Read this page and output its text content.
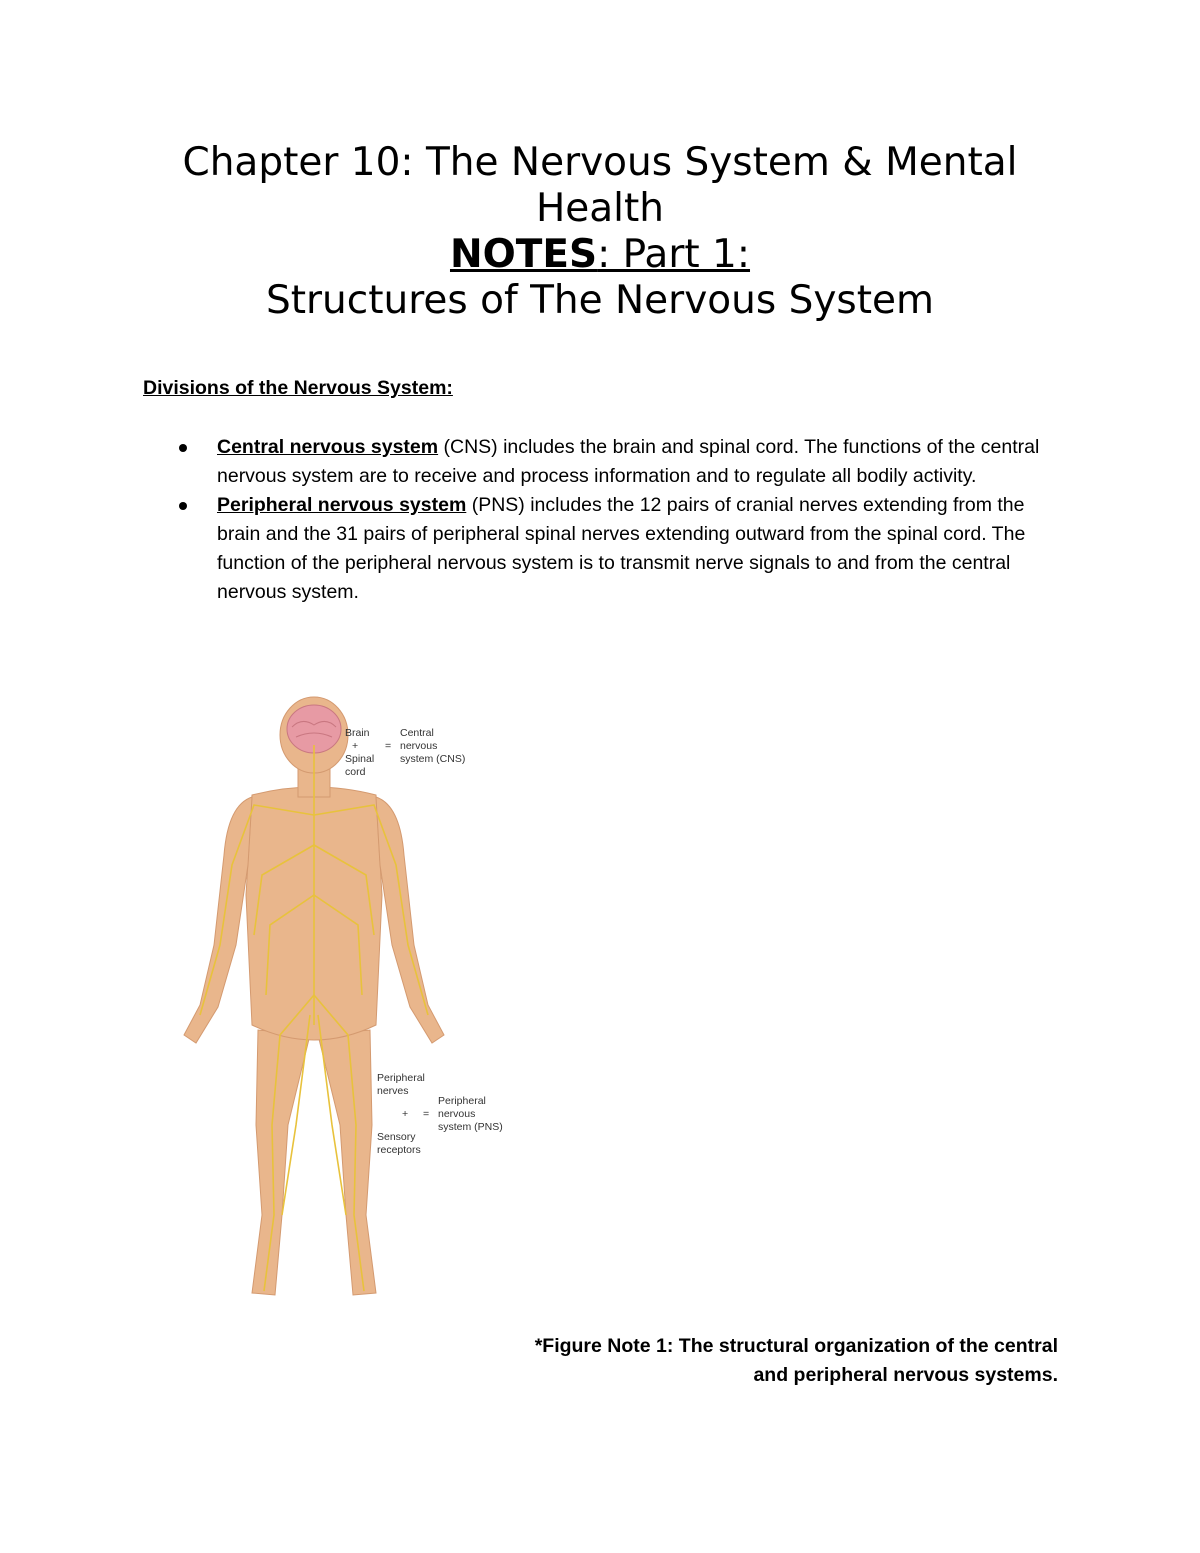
Chapter 10: The Nervous System & Mental
Health
NOTES: Part 1:
Structures of The Nervous System
Divisions of the Nervous System:
Central nervous system (CNS) includes the brain and spinal cord. The functions of the central nervous system are to receive and process information and to regulate all bodily activity.
Peripheral nervous system (PNS) includes the 12 pairs of cranial nerves extending from the brain and the 31 pairs of peripheral spinal nerves extending outward from the spinal cord. The function of the peripheral nervous system is to transmit nerve signals to and from the central nervous system.
Brain
+
Spinal
cord
=
Central
nervous
system (CNS)
Peripheral
nerves
+
Sensory
receptors
=
Peripheral
nervous
system (PNS)
*Figure Note 1: The structural organization of the central
and peripheral nervous systems.
